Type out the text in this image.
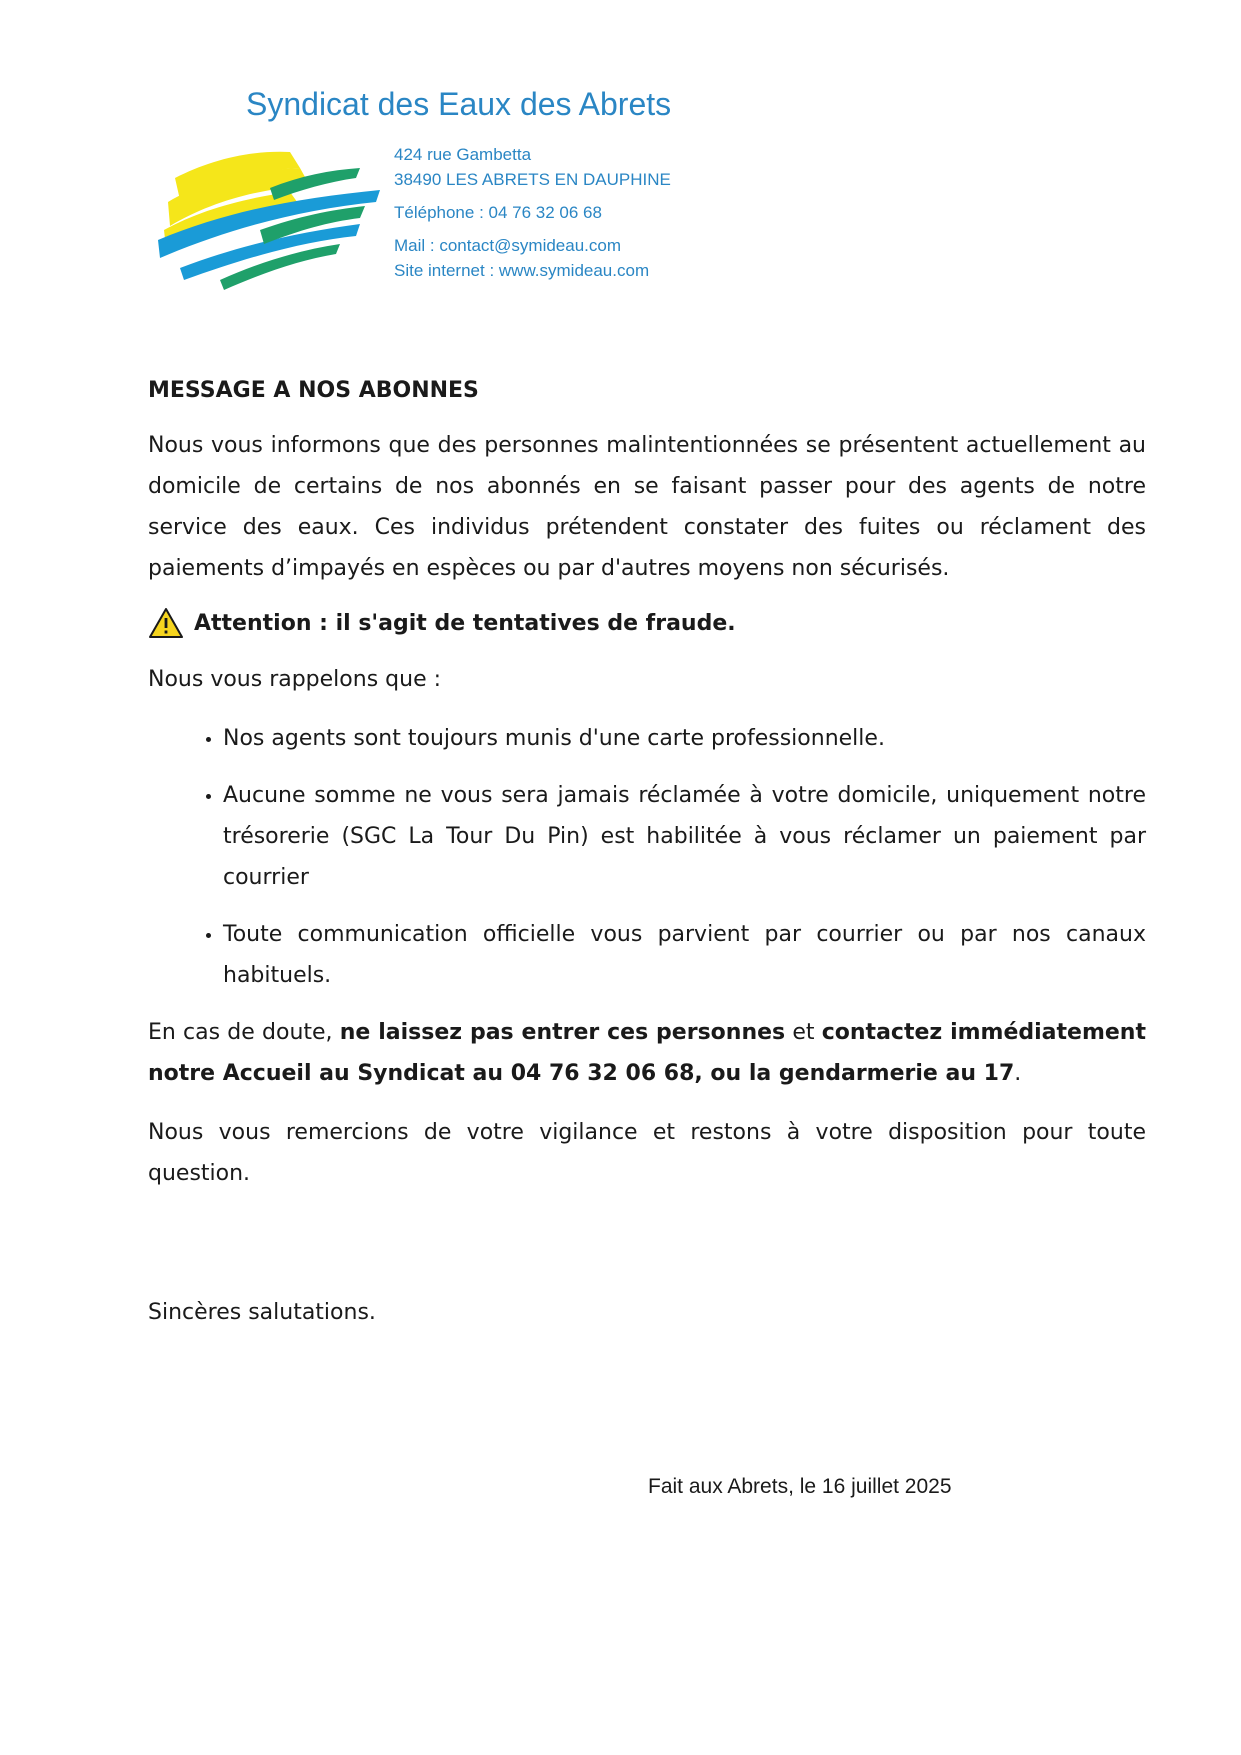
Syndicat des Eaux des Abrets
424 rue Gambetta
38490 LES ABRETS EN DAUPHINE
Téléphone : 04 76 32 06 68
Mail : contact@symideau.com
Site internet : www.symideau.com
MESSAGE A NOS ABONNES

Nous vous informons que des personnes malintentionnées se présentent actuellement au domicile de certains de nos abonnés en se faisant passer pour des agents de notre service des eaux. Ces individus prétendent constater des fuites ou réclament des paiements d’impayés en espèces ou par d'autres moyens non sécurisés.

Attention : il s'agit de tentatives de fraude.

Nous vous rappelons que :

• Nos agents sont toujours munis d'une carte professionnelle.
• Aucune somme ne vous sera jamais réclamée à votre domicile, uniquement notre trésorerie (SGC La Tour Du Pin) est habilitée à vous réclamer un paiement par courrier
• Toute communication officielle vous parvient par courrier ou par nos canaux habituels.

En cas de doute, ne laissez pas entrer ces personnes et contactez immédiatement notre Accueil au Syndicat au 04 76 32 06 68, ou la gendarmerie au 17.

Nous vous remercions de votre vigilance et restons à votre disposition pour toute question.

Sincères salutations.

Fait aux Abrets, le 16 juillet 2025
